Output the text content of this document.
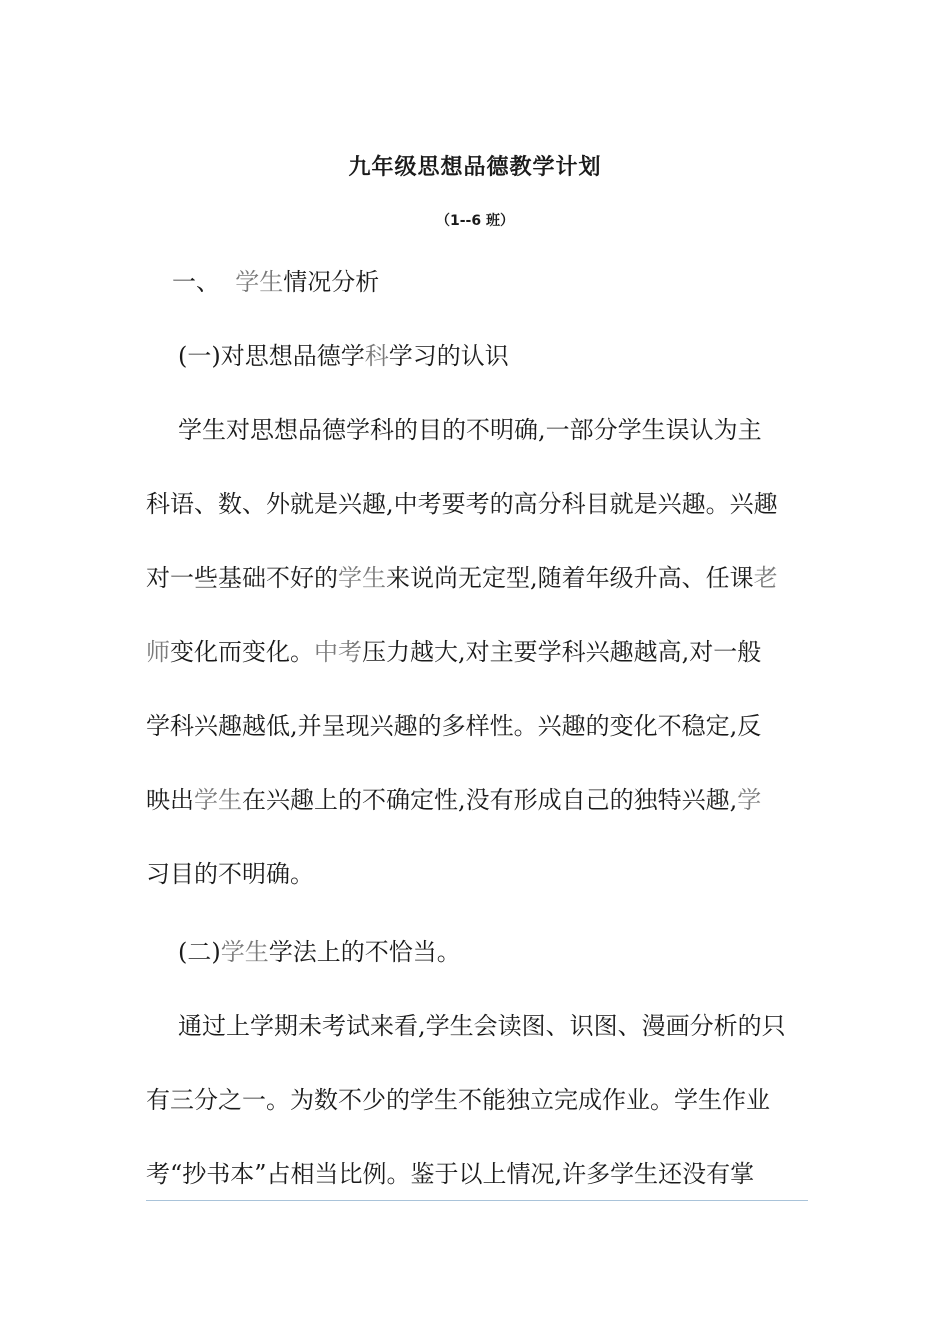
九年级思想品德教学计划
（1--6 班）
一、 学生情况分析
(一)对思想品德学科学习的认识
学生对思想品德学科的目的不明确,一部分学生误认为主
科语、数、外就是兴趣,中考要考的高分科目就是兴趣。兴趣
对一些基础不好的学生来说尚无定型,随着年级升高、任课老
师变化而变化。中考压力越大,对主要学科兴趣越高,对一般
学科兴趣越低,并呈现兴趣的多样性。兴趣的变化不稳定,反
映出学生在兴趣上的不确定性,没有形成自己的独特兴趣,学
习目的不明确。
(二)学生学法上的不恰当。
通过上学期未考试来看,学生会读图、识图、漫画分析的只
有三分之一。为数不少的学生不能独立完成作业。学生作业
考“抄书本”占相当比例。鉴于以上情况,许多学生还没有掌
